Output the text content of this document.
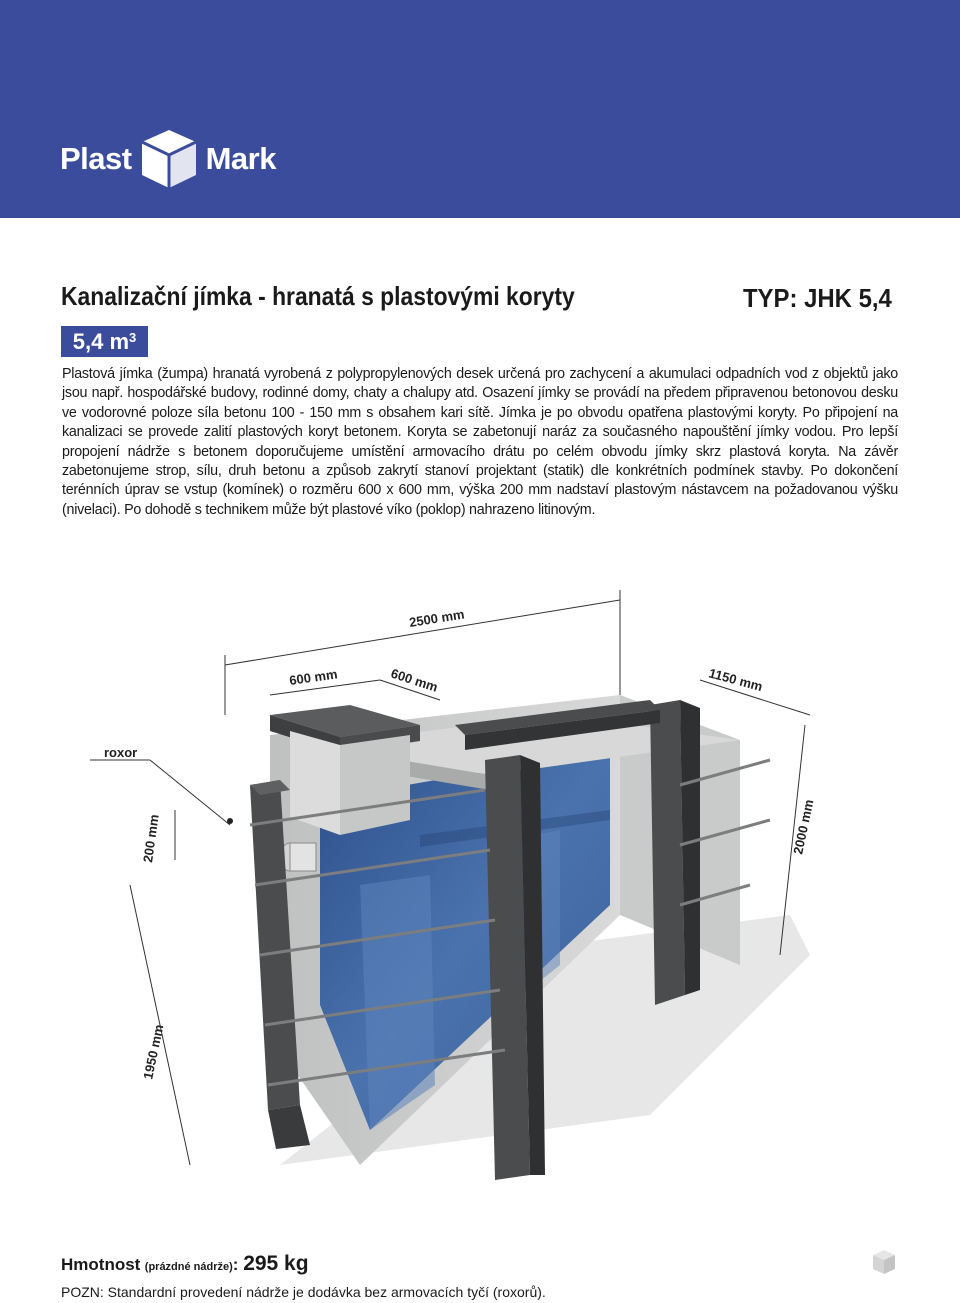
Plast Mark
Kanalizační jímka - hranatá s plastovými koryty	TYP: JHK 5,4
5,4 $m^3$
Plastová jímka (žumpa) hranatá vyrobená z polypropylenových desek určená pro zachycení a akumulaci odpadních vod z objektů jako jsou např. hospodářské budovy, rodinné domy, chaty a chalupy atd. Osazení jímky se provádí na předem připravenou betonovou desku ve vodorovné poloze síla betonu 100 - 150 mm s obsahem kari sítě. Jímka je po obvodu opatřena plastovými koryty. Po připojení na kanalizaci se provede zalití plastových koryt betonem. Koryta se zabetonují naráz za současného napouštění jímky vodou. Pro lepší propojení nádrže s betonem doporučujeme umístění armovacího drátu po celém obvodu jímky skrz plastová koryta. Na závěr zabetonujeme strop, sílu, druh betonu a způsob zakrytí stanoví projektant (statik) dle konkrétních podmínek stavby. Po dokončení terénních úprav se vstup (komínek) o rozměru 600 x 600 mm, výška 200 mm nadstaví plastovým nástavcem na požadovanou výšku (nivelaci). Po dohodě s technikem může být plastové víko (poklop) nahrazeno litinovým.
2500 mm
600 mm	600 mm	1150 mm
2000 mm
200 mm
1950 mm
roxor
Hmotnost (prázdné nádrže): 295 kg
POZN: Standardní provedení nádrže je dodávka bez armovacích tyčí (roxorů).
